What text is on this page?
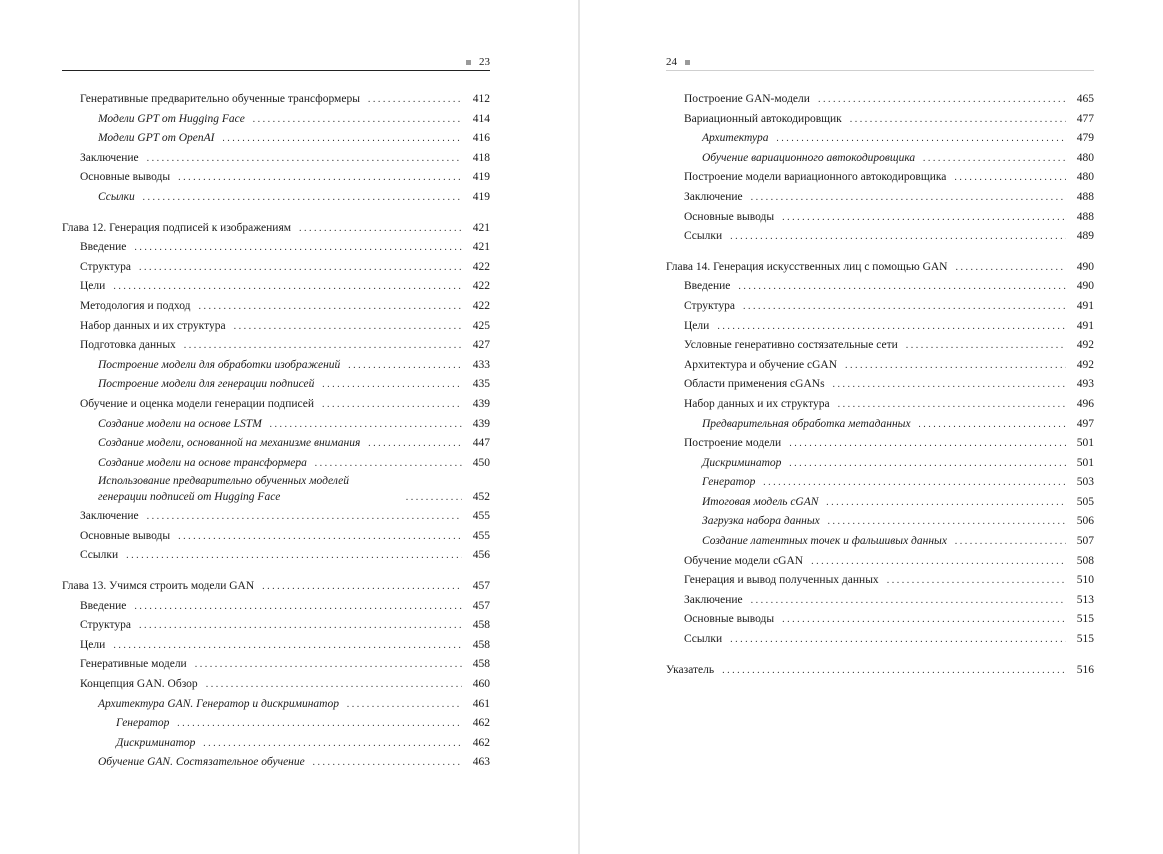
23
Генеративные предварительно обученные трансформеры . . .	412
Модели GPT от Hugging Face . . .	414
Модели GPT от OpenAI . . .	416
Заключение . . .	418
Основные выводы . . .	419
Ссылки . . .	419
Глава 12. Генерация подписей к изображениям . . .	421
Введение . . .	421
Структура . . .	422
Цели . . .	422
Методология и подход . . .	422
Набор данных и их структура . . .	425
Подготовка данных . . .	427
Построение модели для обработки изображений . . .	433
Построение модели для генерации подписей . . .	435
Обучение и оценка модели генерации подписей . . .	439
Создание модели на основе LSTM . . .	439
Создание модели, основанной на механизме внимания . . .	447
Создание модели на основе трансформера . . .	450
Использование предварительно обученных моделей генерации подписей от Hugging Face . . .	452
Заключение . . .	455
Основные выводы . . .	455
Ссылки . . .	456
Глава 13. Учимся строить модели GAN . . .	457
Введение . . .	457
Структура . . .	458
Цели . . .	458
Генеративные модели . . .	458
Концепция GAN. Обзор . . .	460
Архитектура GAN. Генератор и дискриминатор . . .	461
Генератор . . .	462
Дискриминатор . . .	462
Обучение GAN. Состязательное обучение . . .	463
24
Построение GAN-модели . . .	465
Вариационный автокодировщик . . .	477
Архитектура . . .	479
Обучение вариационного автокодировщика . . .	480
Построение модели вариационного автокодировщика . . .	480
Заключение . . .	488
Основные выводы . . .	488
Ссылки . . .	489
Глава 14. Генерация искусственных лиц с помощью GAN . . .	490
Введение . . .	490
Структура . . .	491
Цели . . .	491
Условные генеративно состязательные сети . . .	492
Архитектура и обучение cGAN . . .	492
Области применения cGANs . . .	493
Набор данных и их структура . . .	496
Предварительная обработка метаданных . . .	497
Построение модели . . .	501
Дискриминатор . . .	501
Генератор . . .	503
Итоговая модель cGAN . . .	505
Загрузка набора данных . . .	506
Создание латентных точек и фальшивых данных . . .	507
Обучение модели cGAN . . .	508
Генерация и вывод полученных данных . . .	510
Заключение . . .	513
Основные выводы . . .	515
Ссылки . . .	515
Указатель . . .	516
